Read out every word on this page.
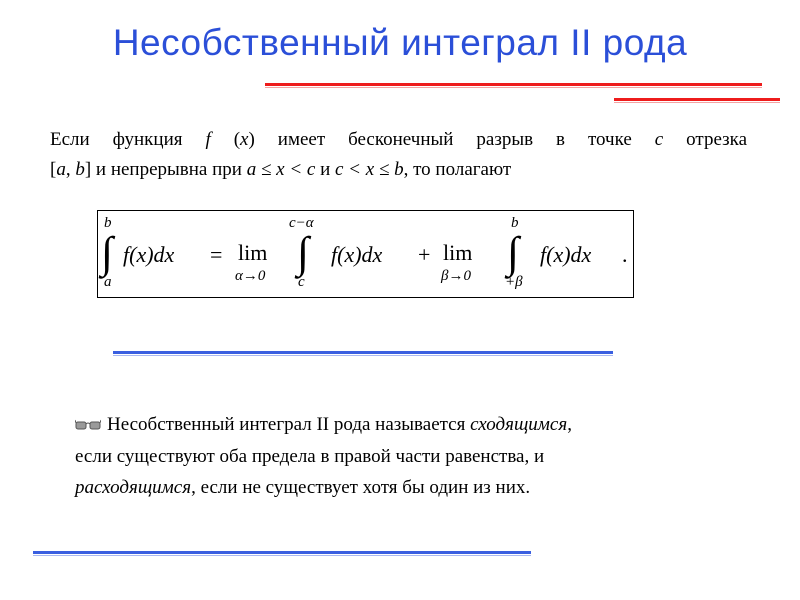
Несобственный интеграл II рода
Если функция f (x) имеет бесконечный разрыв в точке c отрезка
[a, b] и непрерывна при a ≤ x < c и c < x ≤ b, то полагают
b
∫
a
f(x)dx = lim
α→0
c−α
∫
c
f(x)dx + lim
β→0
b
∫
+β
f(x)dx .
Несобственный интеграл II рода называется сходящимся,
если существуют оба предела в правой части равенства, и
расходящимся, если не существует хотя бы один из них.
